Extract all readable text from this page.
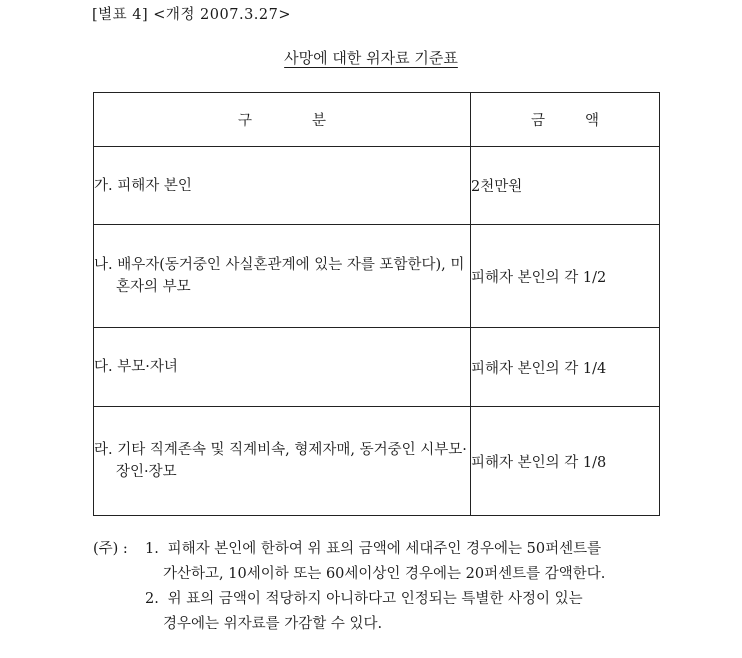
[별표 4] <개정 2007.3.27>
사망에 대한 위자료 기준표
구분	금액

가. 피해자 본인	2천만원

나. 배우자(동거중인 사실혼관계에 있는 자를 포함한다), 미혼자의 부모	피해자 본인의 각 1/2

다. 부모·자녀	피해자 본인의 각 1/4

라. 기타 직계존속 및 직계비속, 형제자매, 동거중인 시부모·장인·장모	피해자 본인의 각 1/8
(주) : 1. 피해자 본인에 한하여 위 표의 금액에 세대주인 경우에는 50퍼센트를
가산하고, 10세이하 또는 60세이상인 경우에는 20퍼센트를 감액한다.
2. 위 표의 금액이 적당하지 아니하다고 인정되는 특별한 사정이 있는
경우에는 위자료를 가감할 수 있다.
